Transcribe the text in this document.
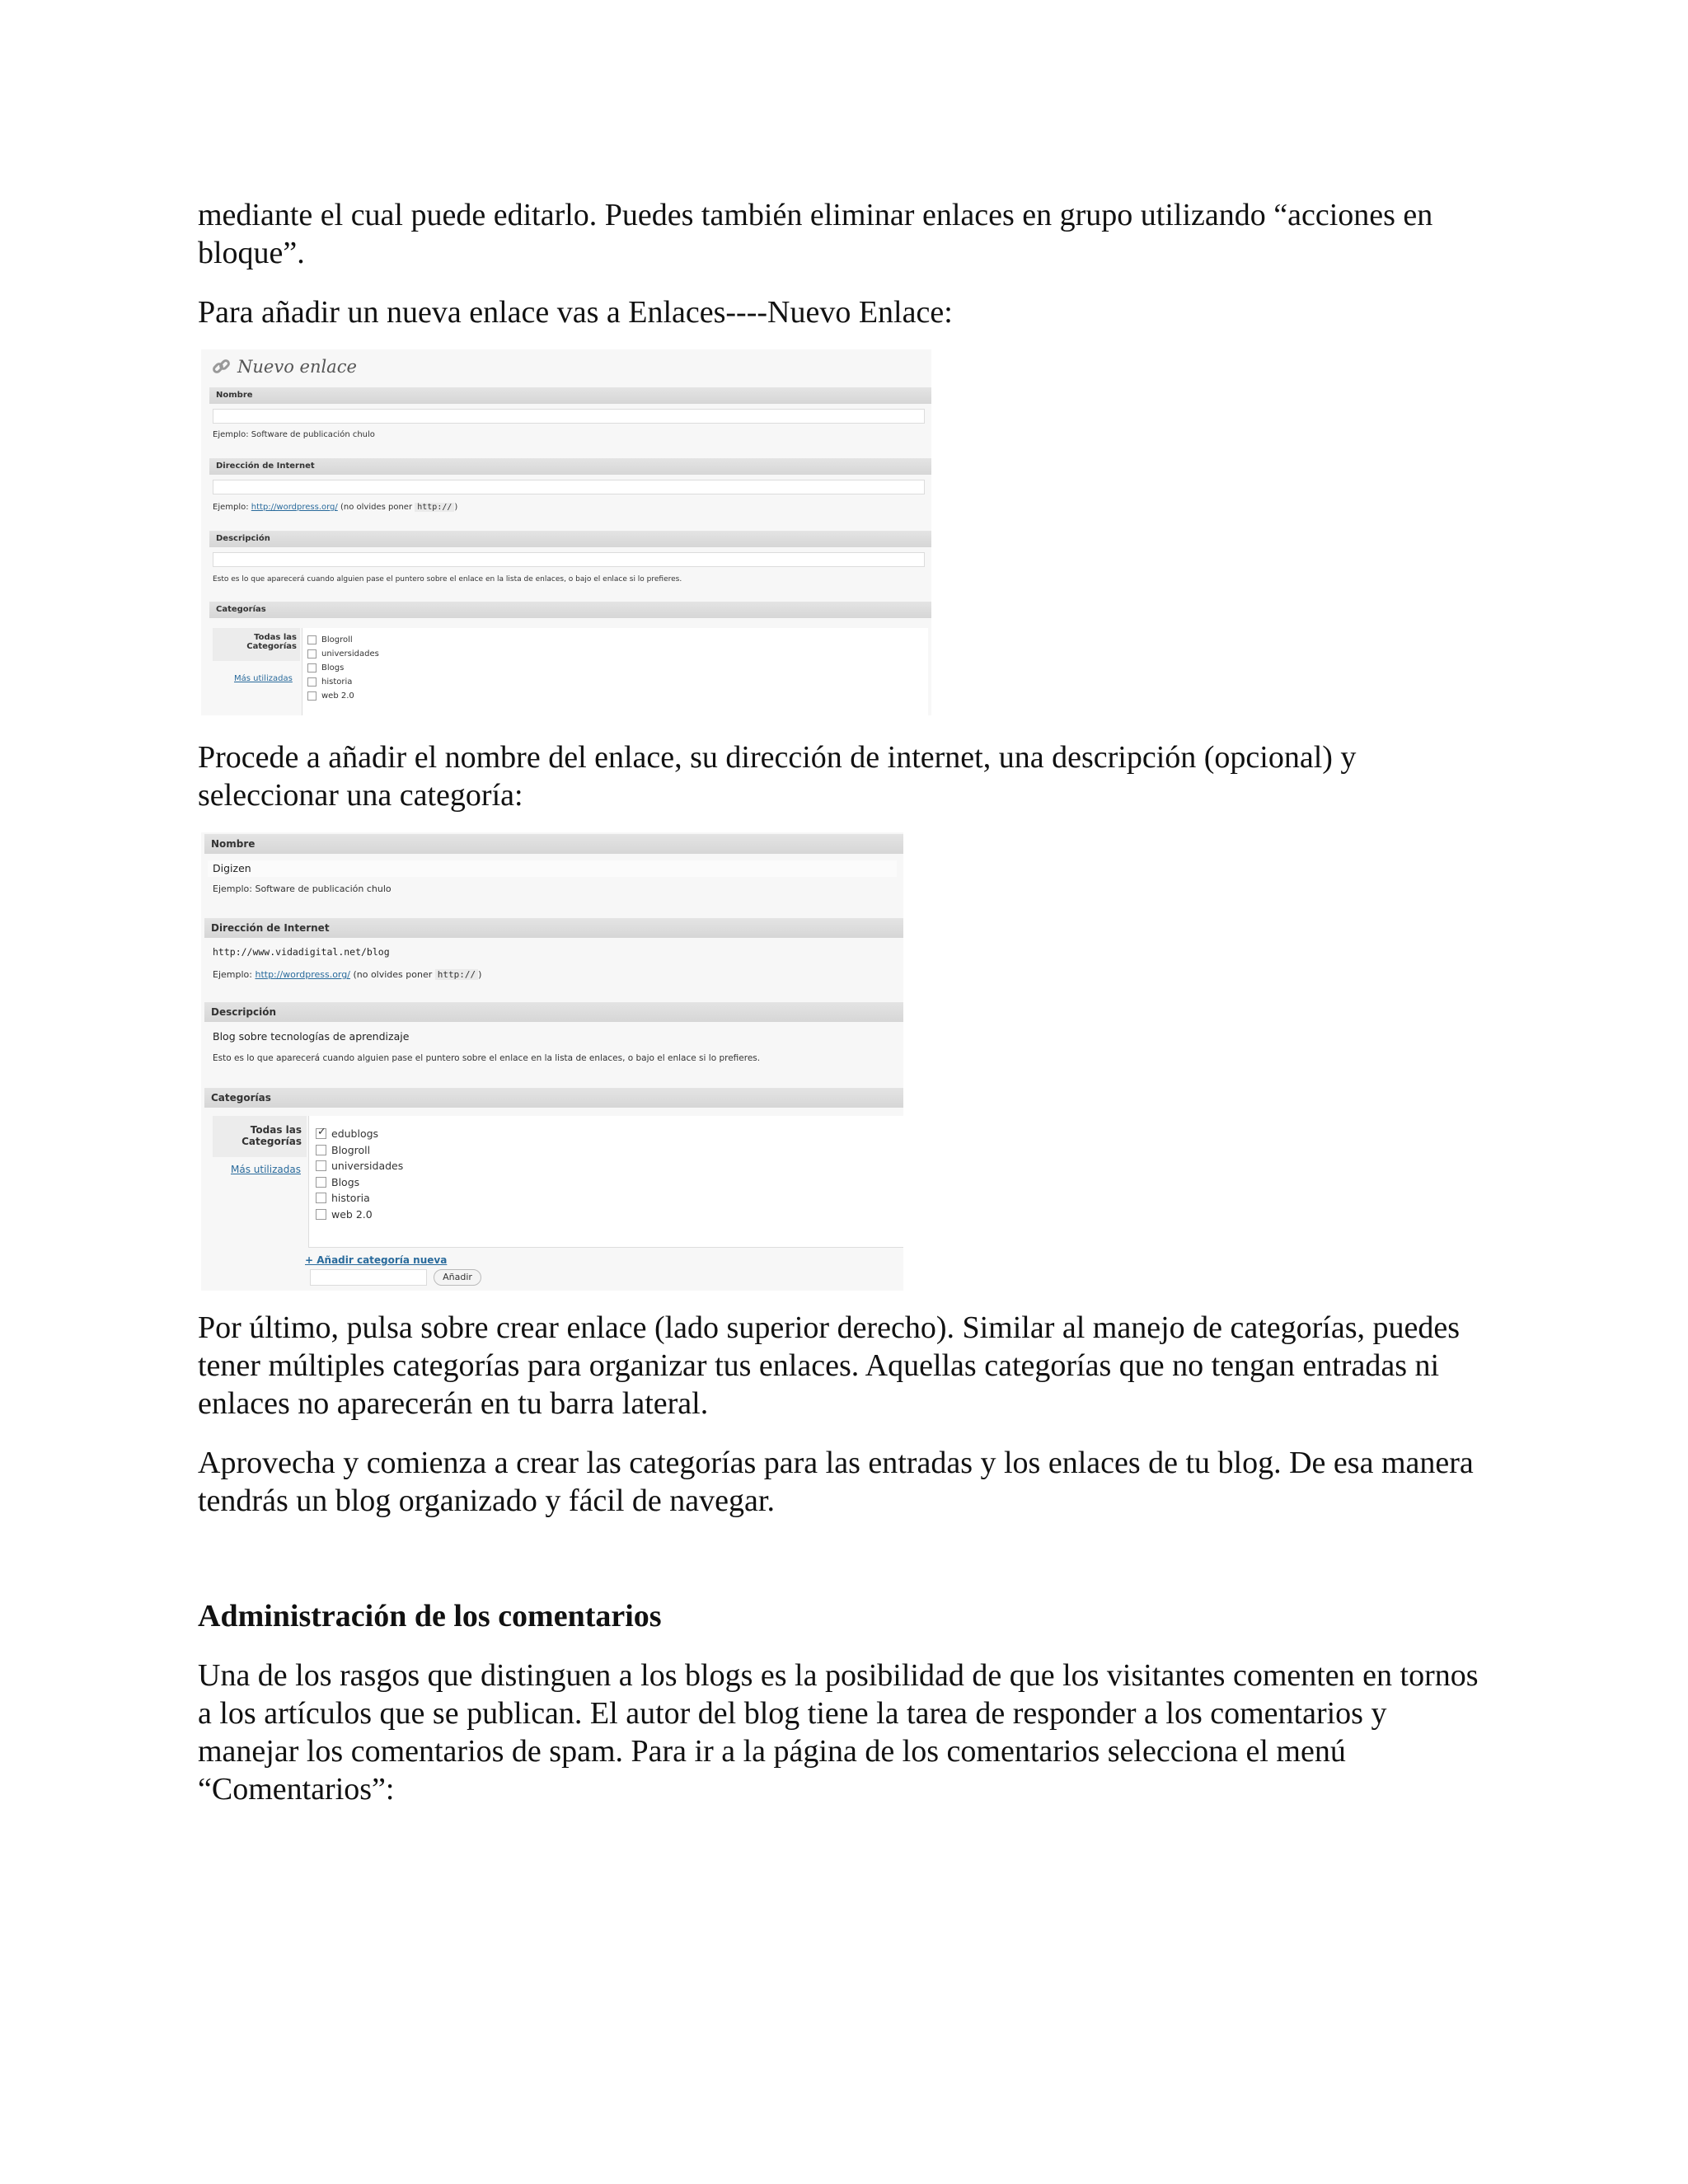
mediante el cual puede editarlo. Puedes también eliminar enlaces en grupo utilizando “acciones en bloque”.

Para añadir un nueva enlace vas a Enlaces----Nuevo Enlace:

Nuevo enlace
Nombre
Ejemplo: Software de publicación chulo
Dirección de Internet
Ejemplo: http://wordpress.org/ (no olvides poner http:// )
Descripción
Esto es lo que aparecerá cuando alguien pase el puntero sobre el enlace en la lista de enlaces, o bajo el enlace si lo prefieres.
Categorías
Todas las
Categorías
Más utilizadas
Blogroll
universidades
Blogs
historia
web 2.0

Procede a añadir el nombre del enlace, su dirección de internet, una descripción (opcional) y seleccionar una categoría:

Nombre
Digizen
Ejemplo: Software de publicación chulo
Dirección de Internet
http://www.vidadigital.net/blog
Ejemplo: http://wordpress.org/ (no olvides poner http:// )
Descripción
Blog sobre tecnologías de aprendizaje
Esto es lo que aparecerá cuando alguien pase el puntero sobre el enlace en la lista de enlaces, o bajo el enlace si lo prefieres.
Categorías
Todas las
Categorías
Más utilizadas
✓
edublogs
Blogroll
universidades
Blogs
historia
web 2.0
+ Añadir categoría nueva
Añadir

Por último, pulsa sobre crear enlace (lado superior derecho). Similar al manejo de categorías, puedes tener múltiples categorías para organizar tus enlaces. Aquellas categorías que no tengan entradas ni enlaces no aparecerán en tu barra lateral.

Aprovecha y comienza a crear las categorías para las entradas y los enlaces de tu blog. De esa manera tendrás un blog organizado y fácil de navegar.

Administración de los comentarios

Una de los rasgos que distinguen a los blogs es la posibilidad de que los visitantes comenten en tornos a los artículos que se publican. El autor del blog tiene la tarea de responder a los comentarios y manejar los comentarios de spam. Para ir a la página de los comentarios selecciona el menú “Comentarios”:
